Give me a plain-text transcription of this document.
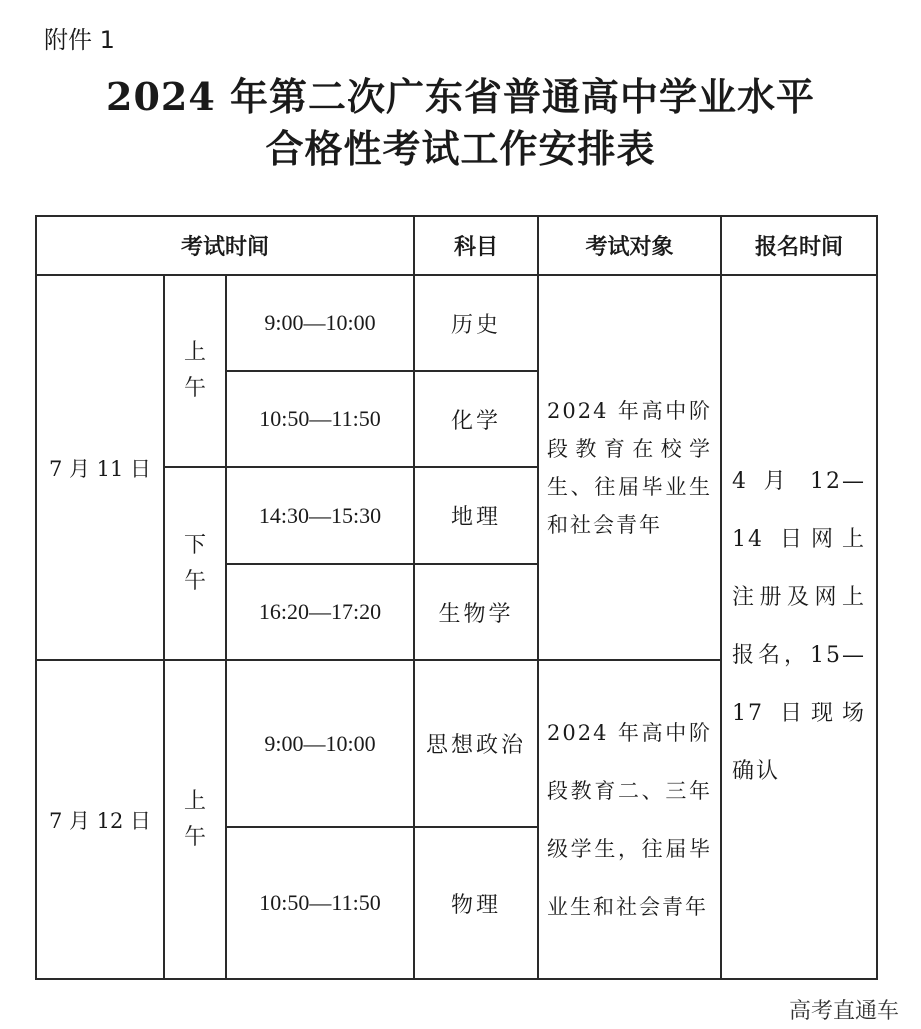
附件 1
2024 年第二次广东省普通高中学业水平
合格性考试工作安排表
考试时间			科目	考试对象	报名时间
7 月 11 日	上午	9:00—10:00	历史	2024 年高中阶段教育在校学生、往届毕业生和社会青年	4 月 12—14 日网上注册及网上报名，15—17 日现场确认
		10:50—11:50	化学		
	下午	14:30—15:30	地理		
		16:20—17:20	生物学		
7 月 12 日	上午	9:00—10:00	思想政治	2024 年高中阶段教育二、三年级学生，往届毕业生和社会青年	
		10:50—11:50	物理		
高考直通车
